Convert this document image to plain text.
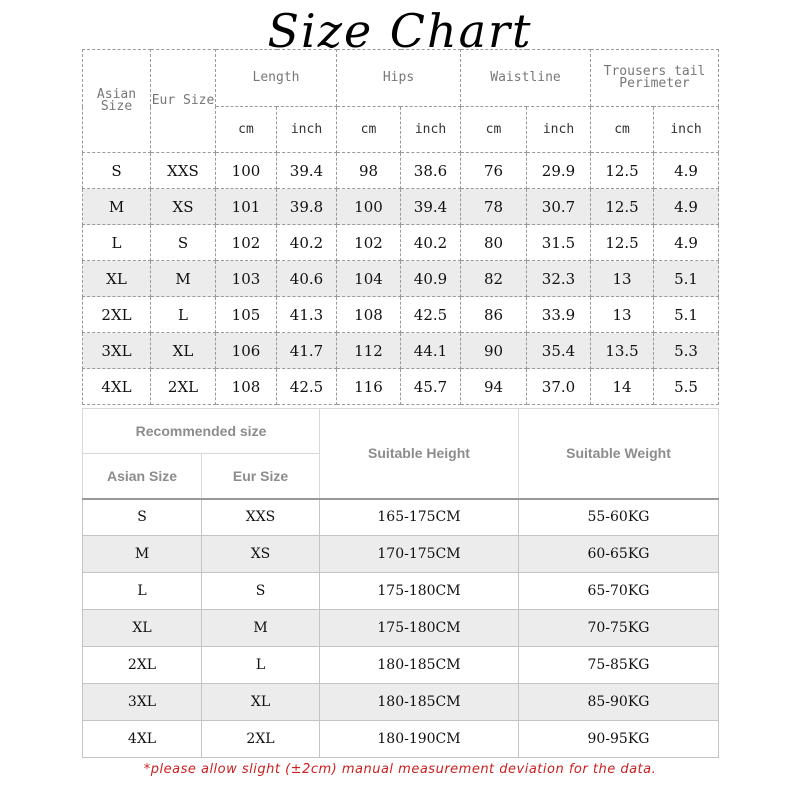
Size Chart
Asian Size	Eur Size	Length		Hips		Waistline		Trousers tail Perimeter	
		cm	inch	cm	inch	cm	inch	cm	inch
S	XXS	100	39.4	98	38.6	76	29.9	12.5	4.9
M	XS	101	39.8	100	39.4	78	30.7	12.5	4.9
L	S	102	40.2	102	40.2	80	31.5	12.5	4.9
XL	M	103	40.6	104	40.9	82	32.3	13	5.1
2XL	L	105	41.3	108	42.5	86	33.9	13	5.1
3XL	XL	106	41.7	112	44.1	90	35.4	13.5	5.3
4XL	2XL	108	42.5	116	45.7	94	37.0	14	5.5
Recommended size		Suitable Height	Suitable Weight
Asian Size	Eur Size		
S	XXS	165-175CM	55-60KG
M	XS	170-175CM	60-65KG
L	S	175-180CM	65-70KG
XL	M	175-180CM	70-75KG
2XL	L	180-185CM	75-85KG
3XL	XL	180-185CM	85-90KG
4XL	2XL	180-190CM	90-95KG
*please allow slight (±2cm) manual measurement deviation for the data.
